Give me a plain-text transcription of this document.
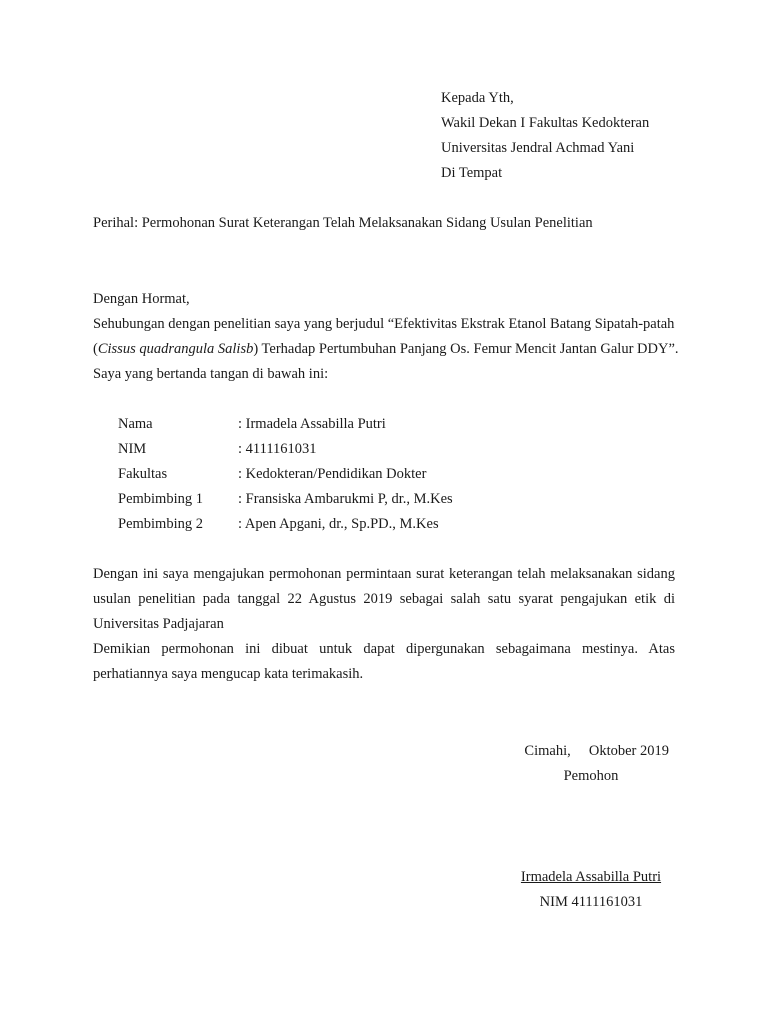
Kepada Yth,
Wakil Dekan I Fakultas Kedokteran
Universitas Jendral Achmad Yani
Di Tempat
Perihal: Permohonan Surat Keterangan Telah Melaksanakan Sidang Usulan Penelitian
Dengan Hormat,
Sehubungan dengan penelitian saya yang berjudul “Efektivitas Ekstrak Etanol Batang Sipatah-patah (Cissus quadrangula Salisb) Terhadap Pertumbuhan Panjang Os. Femur Mencit Jantan Galur DDY”. Saya yang bertanda tangan di bawah ini:
Nama	: Irmadela Assabilla Putri
NIM	: 4111161031
Fakultas	: Kedokteran/Pendidikan Dokter
Pembimbing 1	: Fransiska Ambarukmi P, dr., M.Kes
Pembimbing 2	: Apen Apgani, dr., Sp.PD., M.Kes

Dengan ini saya mengajukan permohonan permintaan surat keterangan telah melaksanakan sidang usulan penelitian pada tanggal 22 Agustus 2019 sebagai salah satu syarat pengajukan etik di Universitas Padjajaran

Demikian permohonan ini dibuat untuk dapat dipergunakan sebagaimana mestinya. Atas perhatiannya saya mengucap kata terimakasih.

Cimahi,     Oktober 2019
Pemohon
Irmadela Assabilla Putri
NIM 4111161031
